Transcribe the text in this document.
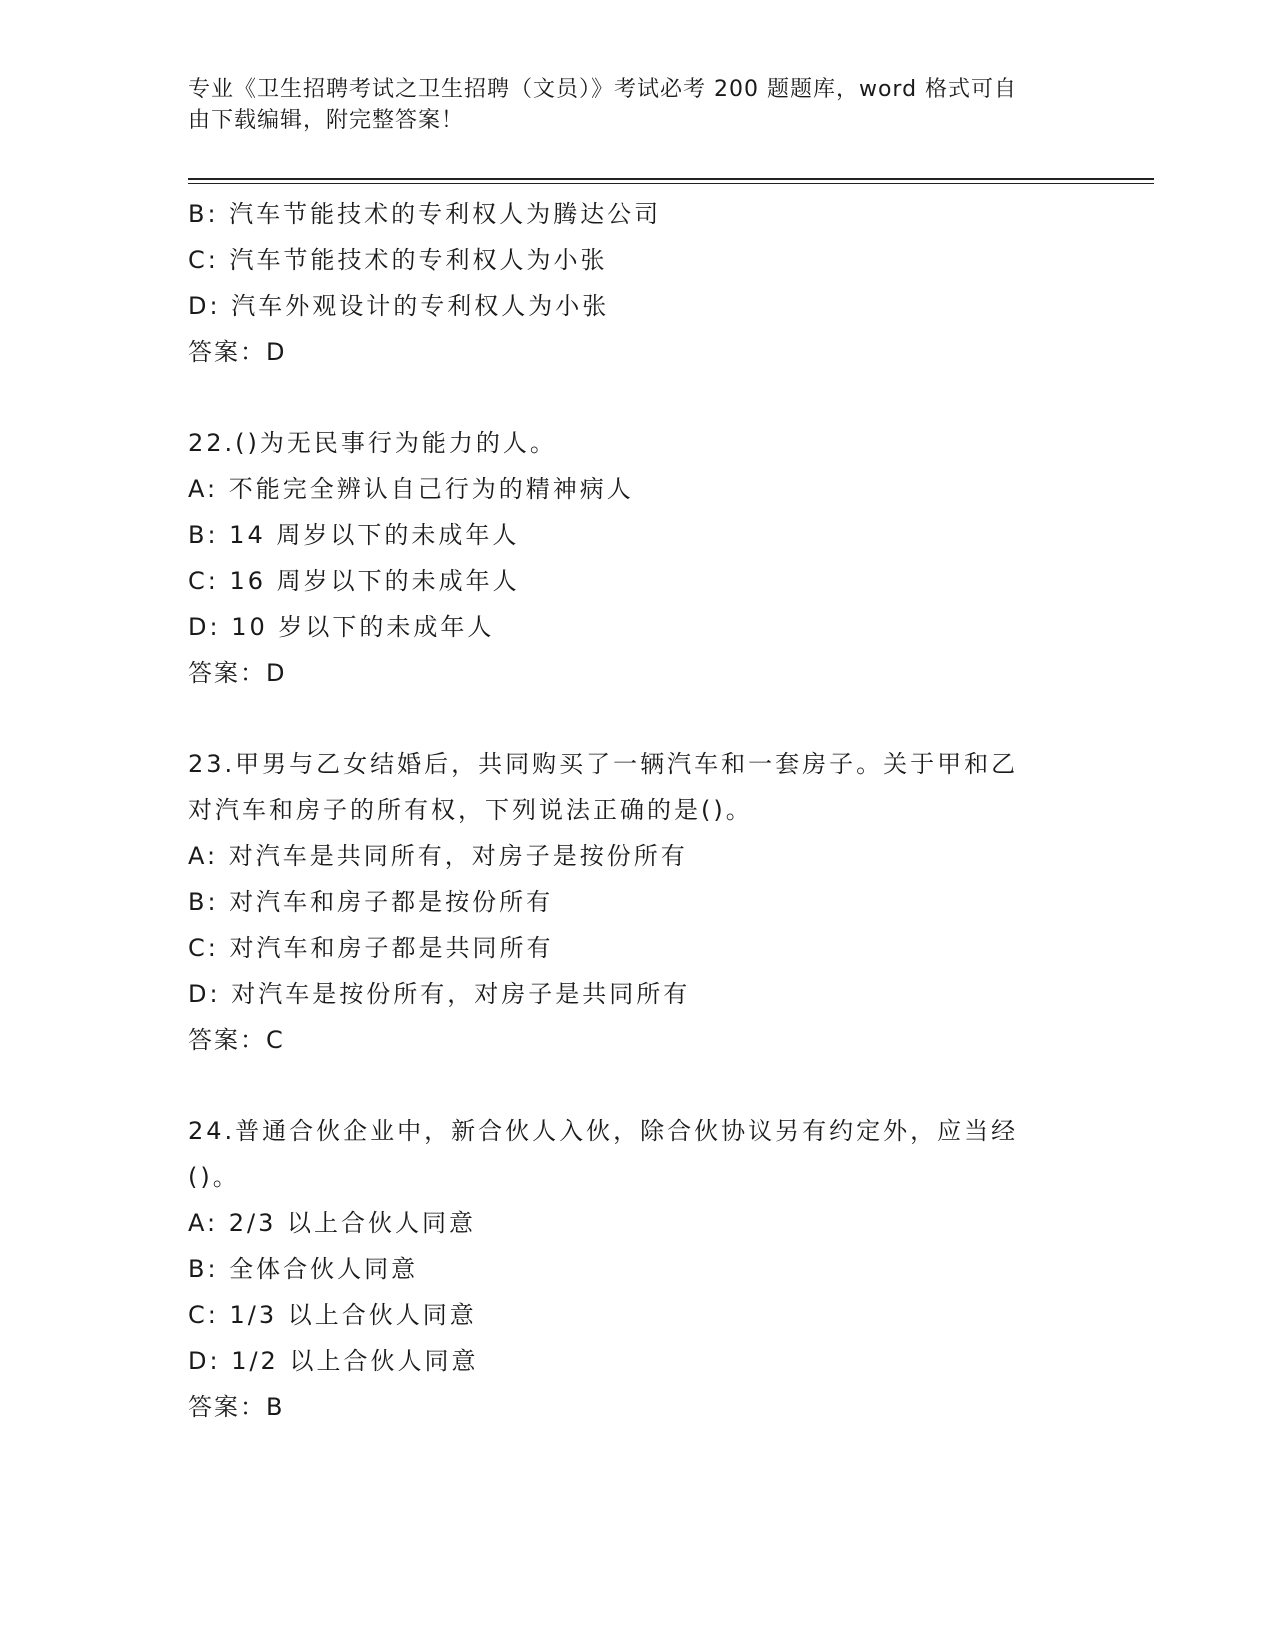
专业《卫生招聘考试之卫生招聘（文员）》考试必考 200 题题库，word 格式可自
由下载编辑，附完整答案！
B: 汽车节能技术的专利权人为腾达公司
C: 汽车节能技术的专利权人为小张
D: 汽车外观设计的专利权人为小张
答案：D
22.()为无民事行为能力的人。
A: 不能完全辨认自己行为的精神病人
B: 14 周岁以下的未成年人
C: 16 周岁以下的未成年人
D: 10 岁以下的未成年人
答案：D
23.甲男与乙女结婚后，共同购买了一辆汽车和一套房子。关于甲和乙
对汽车和房子的所有权，下列说法正确的是()。
A: 对汽车是共同所有，对房子是按份所有
B: 对汽车和房子都是按份所有
C: 对汽车和房子都是共同所有
D: 对汽车是按份所有，对房子是共同所有
答案：C
24.普通合伙企业中，新合伙人入伙，除合伙协议另有约定外，应当经
()。
A: 2/3 以上合伙人同意
B: 全体合伙人同意
C: 1/3 以上合伙人同意
D: 1/2 以上合伙人同意
答案：B
